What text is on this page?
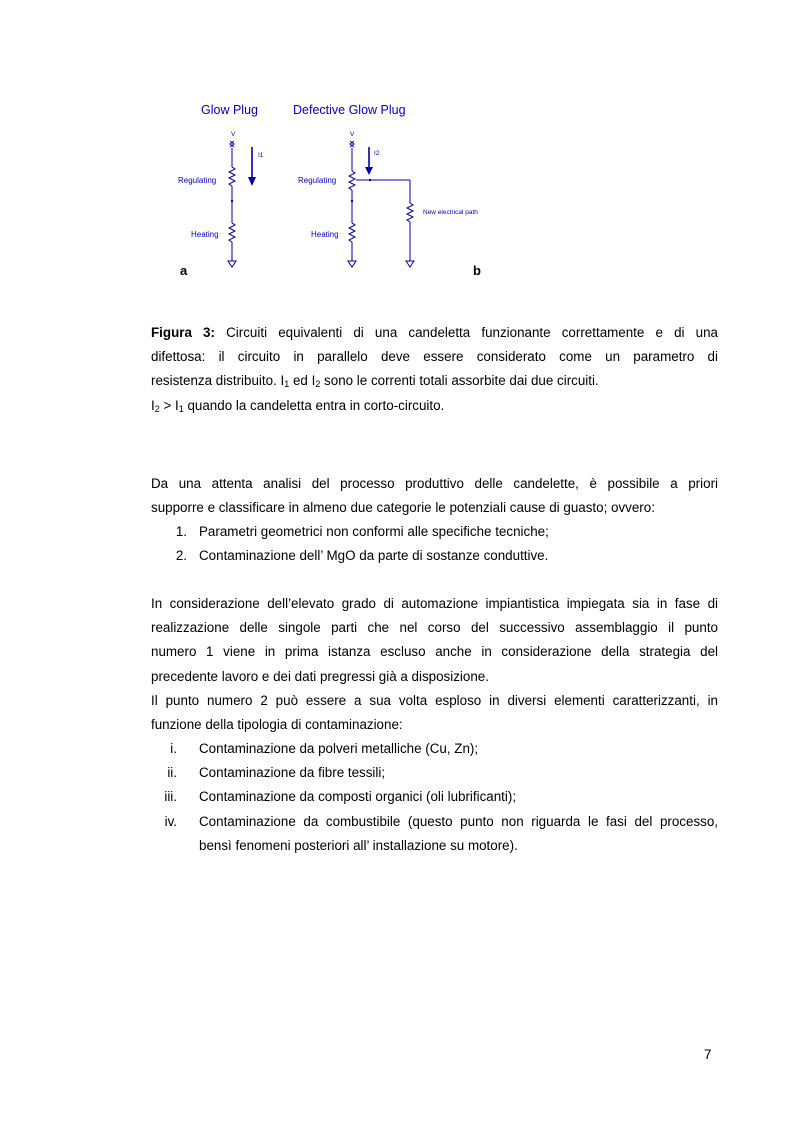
Glow Plug	Defective Glow Plug
V
I1
Regulating
Heating
a
V
New electrical path
I2
Regulating
Heating
b
Figura 3: Circuiti equivalenti di una candeletta funzionante correttamente e di una
difettosa: il circuito in parallelo deve essere considerato come un parametro di
resistenza distribuito. $I_1$ ed $I_2$ sono le correnti totali assorbite dai due circuiti.
$I_2 > I_1$ quando la candeletta entra in corto-circuito.
Da una attenta analisi del processo produttivo delle candelette, è possibile a priori
supporre e classificare in almeno due categorie le potenziali cause di guasto; ovvero:
1. Parametri geometrici non conformi alle specifiche tecniche;
2. Contaminazione dell’ MgO da parte di sostanze conduttive.
In considerazione dell’elevato grado di automazione impiantistica impiegata sia in fase di
realizzazione delle singole parti che nel corso del successivo assemblaggio il punto
numero 1 viene in prima istanza escluso anche in considerazione della strategia del
precedente lavoro e dei dati pregressi già a disposizione.
Il punto numero 2 può essere a sua volta esploso in diversi elementi caratterizzanti, in
funzione della tipologia di contaminazione:
i. Contaminazione da polveri metalliche (Cu, Zn);
ii. Contaminazione da fibre tessili;
iii. Contaminazione da composti organici (oli lubrificanti);
iv. Contaminazione da combustibile (questo punto non riguarda le fasi del processo,
bensì fenomeni posteriori all’ installazione su motore).
7
